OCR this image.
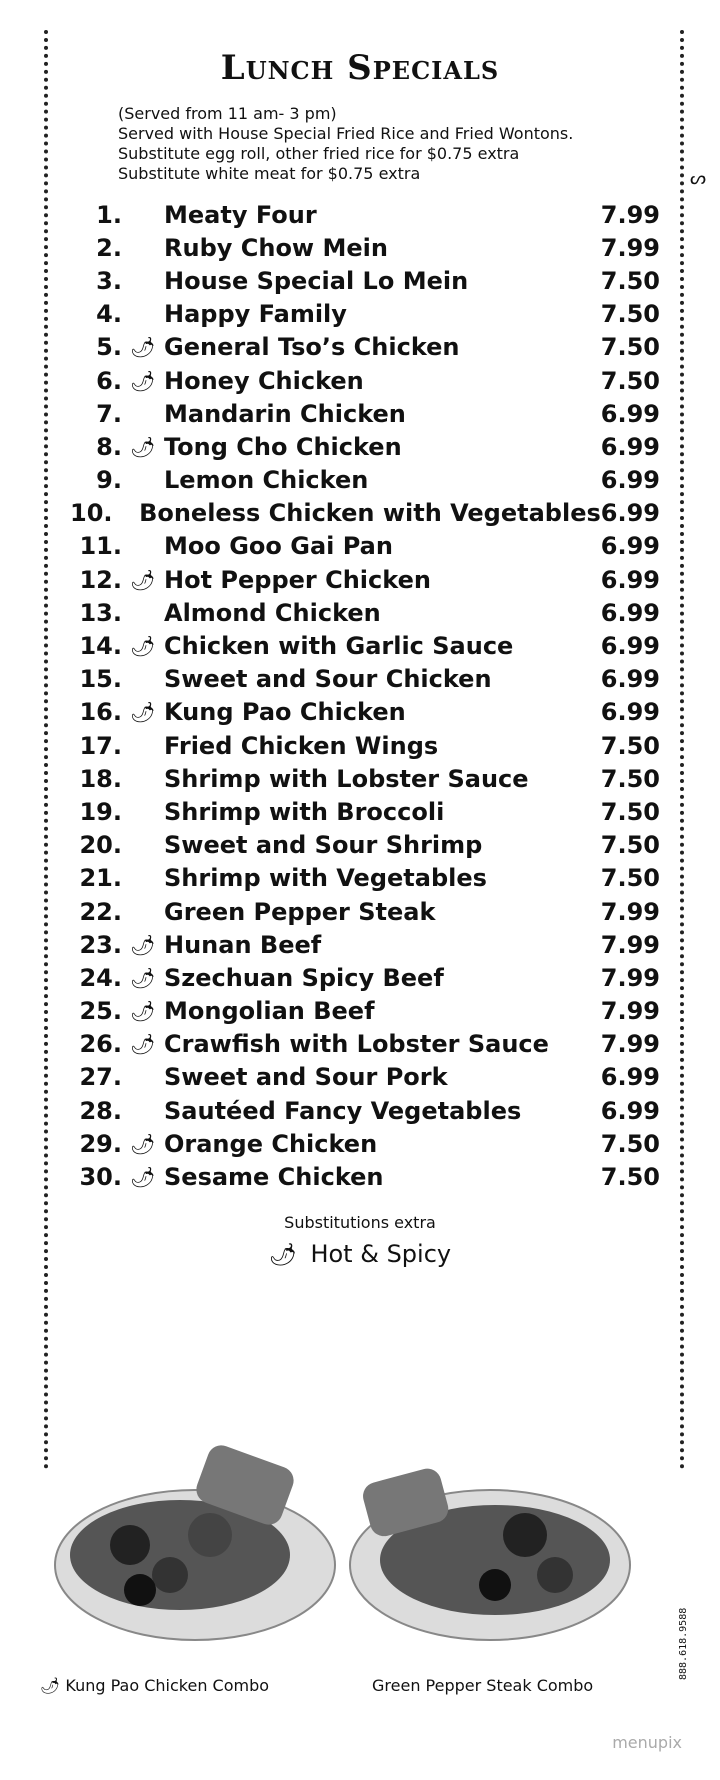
ᔕ
Lunch Specials
(Served from 11 am- 3 pm)
Served with House Special Fried Rice and Fried Wontons.
Substitute egg roll, other fried rice for $0.75 extra
Substitute white meat for $0.75 extra
1. Meaty Four	7.99
2. Ruby Chow Mein	7.99
3. House Special Lo Mein	7.50
4. Happy Family	7.50
5. 🌶 General Tso’s Chicken	7.50
6. 🌶 Honey Chicken	7.50
7. Mandarin Chicken	6.99
8. 🌶 Tong Cho Chicken	6.99
9. Lemon Chicken	6.99
10. Boneless Chicken with Vegetables 6.99
11. Moo Goo Gai Pan	6.99
12. 🌶 Hot Pepper Chicken	6.99
13. Almond Chicken	6.99
14. 🌶 Chicken with Garlic Sauce	6.99
15. Sweet and Sour Chicken	6.99
16. 🌶 Kung Pao Chicken	6.99
17. Fried Chicken Wings	7.50
18. Shrimp with Lobster Sauce	7.50
19. Shrimp with Broccoli	7.50
20. Sweet and Sour Shrimp	7.50
21. Shrimp with Vegetables	7.50
22. Green Pepper Steak	7.99
23. 🌶 Hunan Beef	7.99
24. 🌶 Szechuan Spicy Beef	7.99
25. 🌶 Mongolian Beef	7.99
26. 🌶 Crawfish with Lobster Sauce	7.99
27. Sweet and Sour Pork	6.99
28. Sautéed Fancy Vegetables	6.99
29. 🌶 Orange Chicken	7.50
30. 🌶 Sesame Chicken	7.50
Substitutions extra
🌶 Hot & Spicy
🌶 Kung Pao Chicken Combo	Green Pepper Steak Combo
888.618.9588
menupix
